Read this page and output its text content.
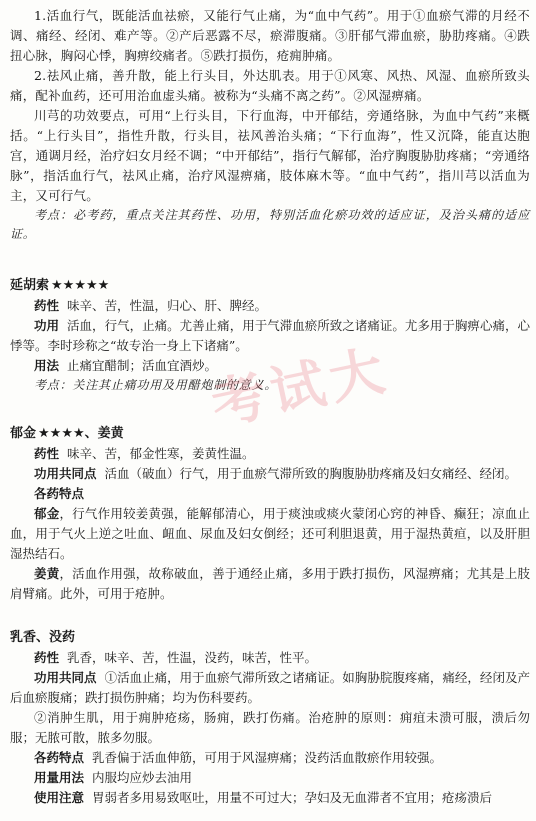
1.活血行气，既能活血祛瘀，又能行气止痛，为“血中气药”。用于①血瘀气滞的月经不调、痛经、经闭、难产等。②产后恶露不尽，瘀滞腹痛。③肝郁气滞血瘀，胁肋疼痛。④跌扭心脉，胸闷心悸，胸痹绞痛者。⑤跌打损伤，疮痈肿痛。

2.祛风止痛，善升散，能上行头目，外达肌表。用于①风寒、风热、风湿、血瘀所致头痛，配补血药，还可用治血虚头痛。被称为“头痛不离之药”。②风湿痹痛。

川芎的功效要点，可用“上行头目，下行血海，中开郁结，旁通络脉，为血中气药”来概括。“上行头目”，指性升散，行头目，祛风善治头痛；“下行血海”，性又沉降，能直达胞宫，通调月经，治疗妇女月经不调；“中开郁结”，指行气解郁，治疗胸腹胁肋疼痛；“旁通络脉”，指活血行气，祛风止痛，治疗风湿痹痛，肢体麻木等。“血中气药”，指川芎以活血为主，又可行气。

考点：必考药，重点关注其药性、功用，特别活血化瘀功效的适应证，及治头痛的适应证。

延胡索 ★★★★★

药性 味辛、苦，性温，归心、肝、脾经。

功用 活血，行气，止痛。尤善止痛，用于气滞血瘀所致之诸痛证。尤多用于胸痹心痛，心悸等。李时珍称之“故专治一身上下诸痛”。

用法 止痛宜醋制；活血宜酒炒。

考点：关注其止痛功用及用醋炮制的意义。

郁金 ★★★★、姜黄

药性 味辛、苦，郁金性寒，姜黄性温。

功用共同点 活血（破血）行气，用于血瘀气滞所致的胸腹胁肋疼痛及妇女痛经、经闭。

各药特点

郁金，行气作用较姜黄强，能解郁清心，用于痰浊或痰火蒙闭心窍的神昏、癫狂；凉血止血，用于气火上逆之吐血、衄血、尿血及妇女倒经；还可利胆退黄，用于湿热黄疸，以及肝胆湿热结石。

姜黄，活血作用强，故称破血，善于通经止痛，多用于跌打损伤，风湿痹痛；尤其是上肢肩臂痛。此外，可用于疮肿。

乳香、没药

药性 乳香，味辛、苦，性温，没药，味苦，性平。

功用共同点 ①活血止痛，用于血瘀气滞所致之诸痛证。如胸胁脘腹疼痛，痛经，经闭及产后血瘀腹痛；跌打损伤肿痛；均为伤科要药。

②消肿生肌，用于痈肿疮疡，肠痈，跌打伤痛。治疮肿的原则：痈疽未溃可服，溃后勿服；无脓可散，脓多勿服。

各药特点 乳香偏于活血伸筋，可用于风湿痹痛；没药活血散瘀作用较强。

用量用法 内服均应炒去油用

使用注意 胃弱者多用易致呕吐，用量不可过大；孕妇及无血滞者不宜用；疮疡溃后

考试大
